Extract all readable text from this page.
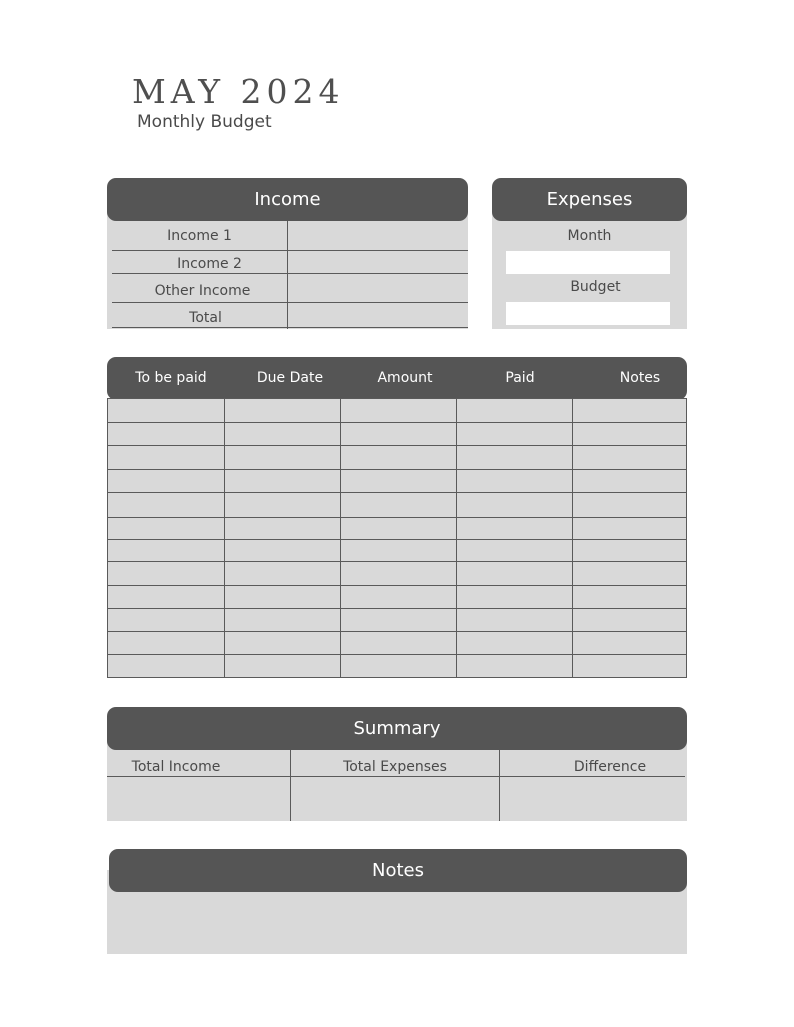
MAY 2024
Monthly Budget
Income
Income 1
Income 2
Other Income
Total
Expenses
Month
Budget
To be paid	Due Date	Amount	Paid	Notes
Summary
Total Income	Total Expenses	Difference
Notes
